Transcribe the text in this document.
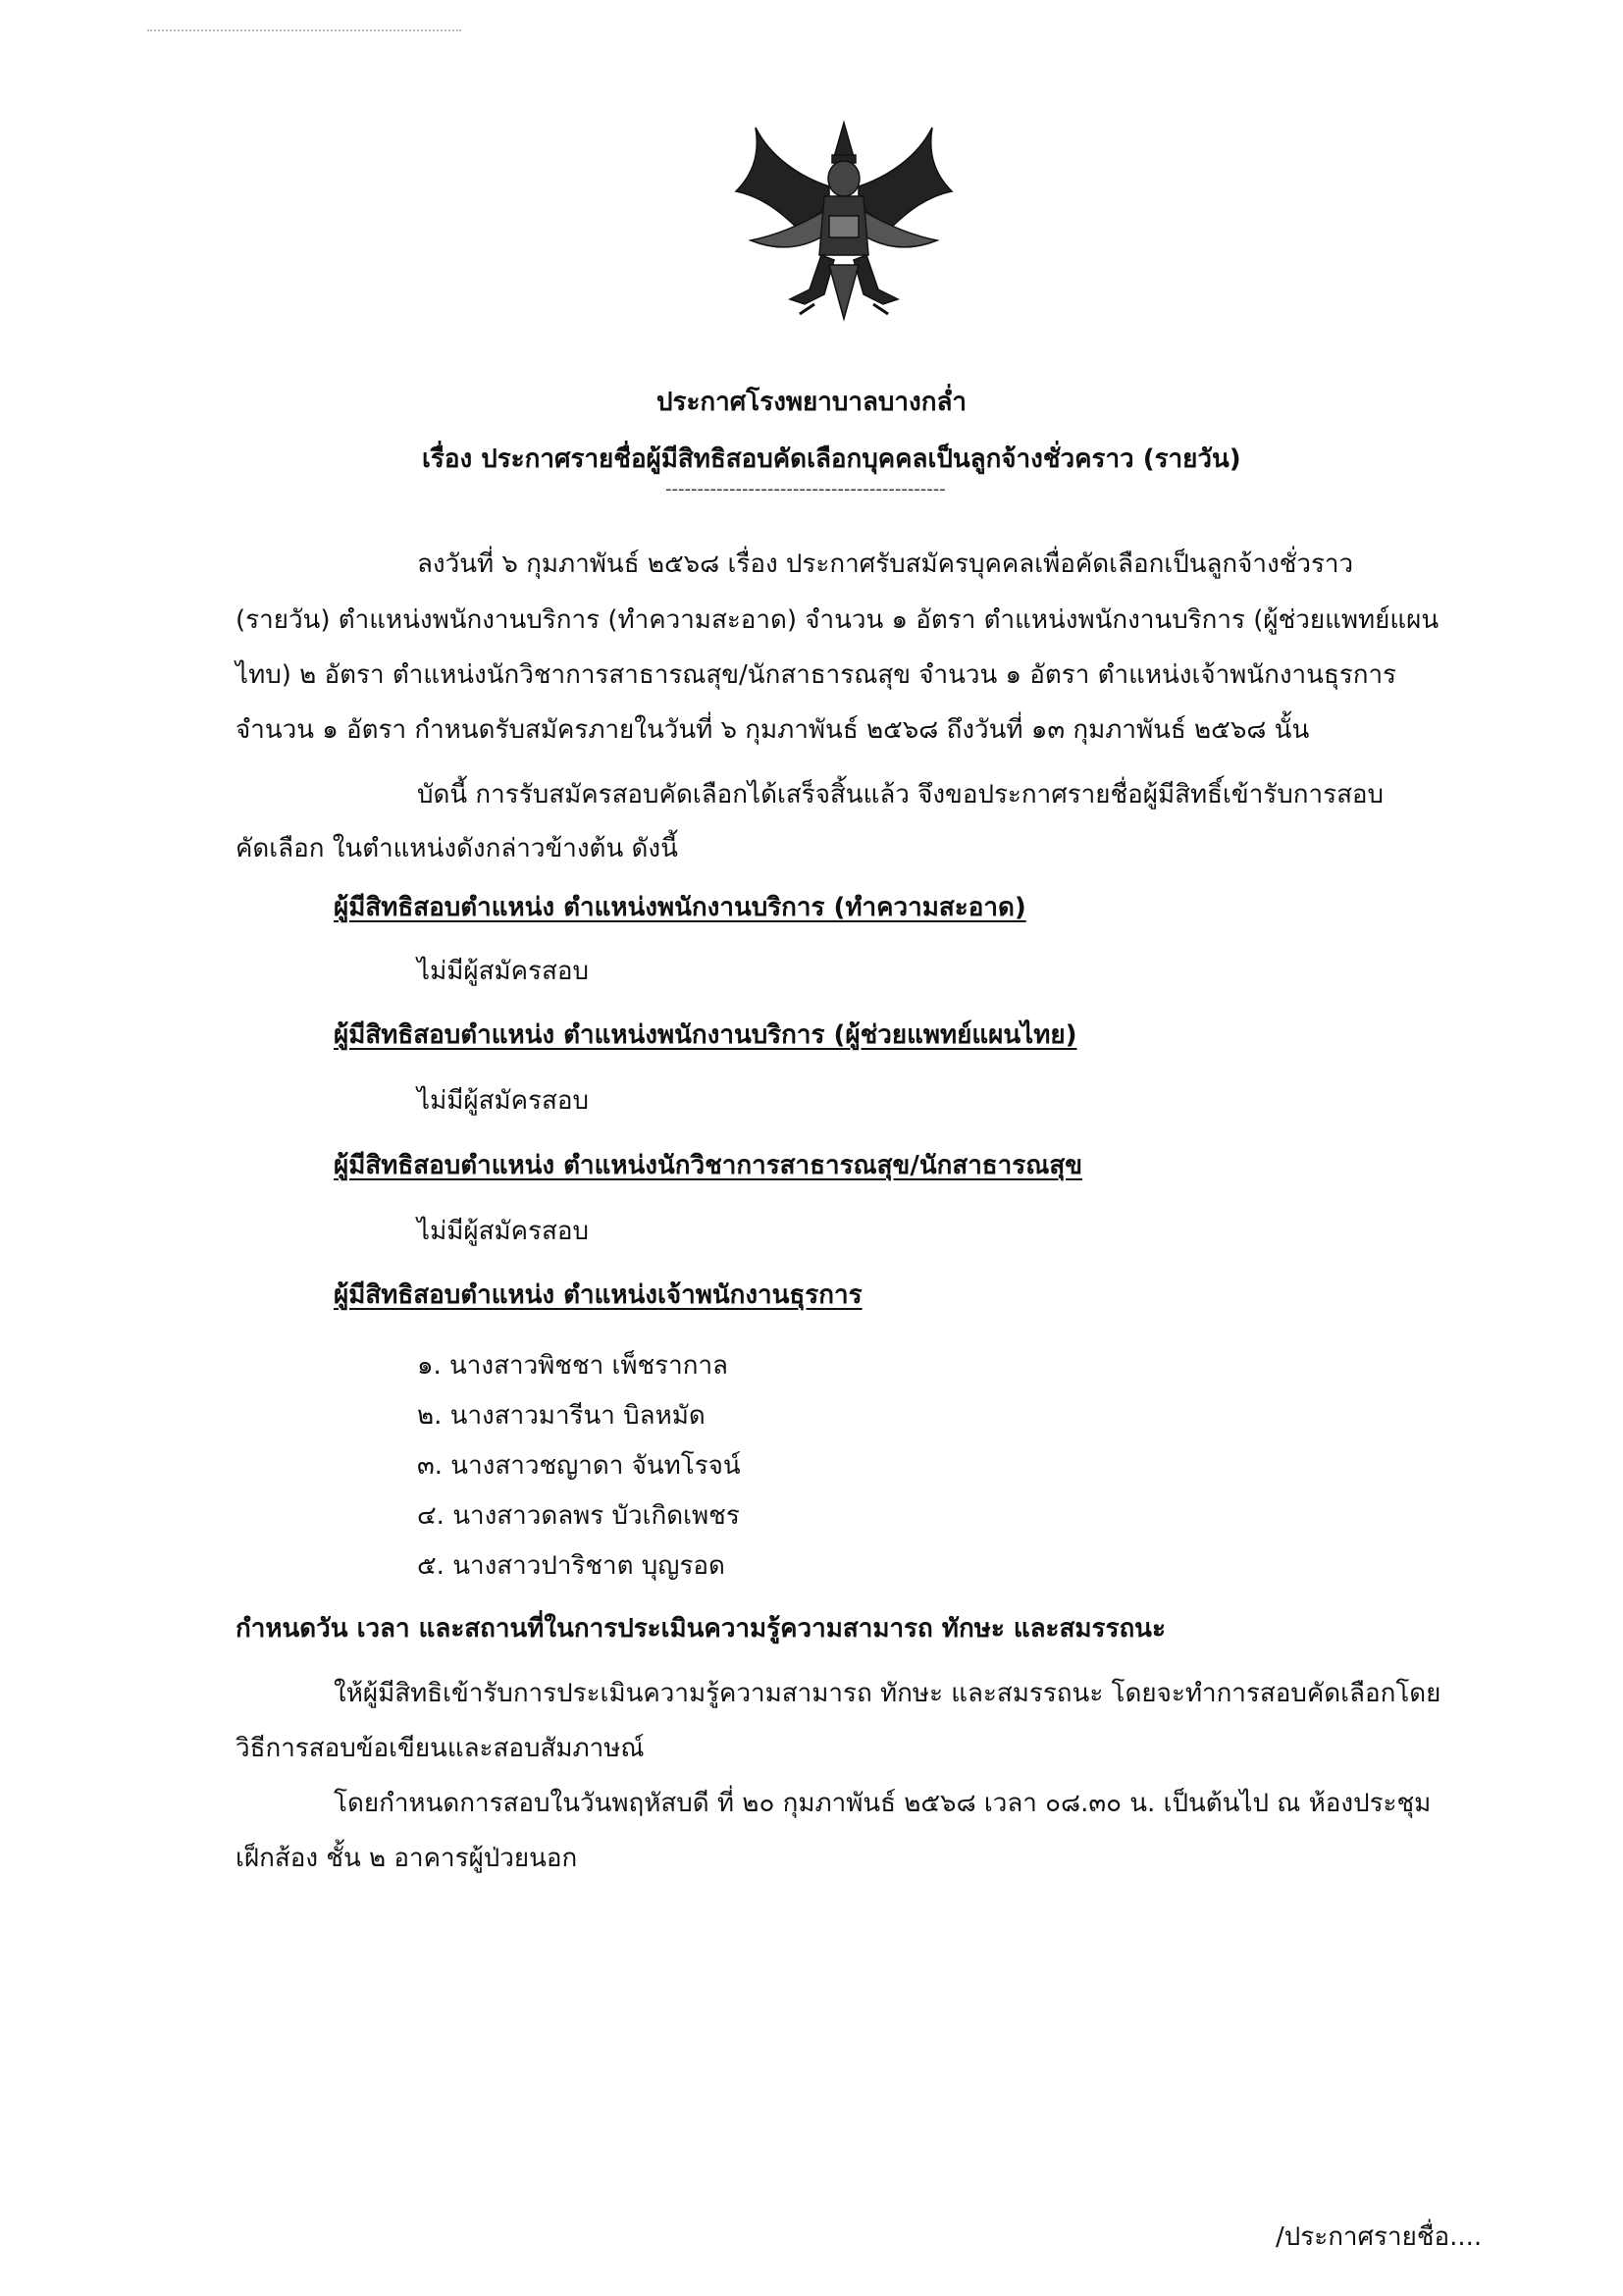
ประกาศโรงพยาบาลบางกล่ำ
เรื่อง ประกาศรายชื่อผู้มีสิทธิสอบคัดเลือกบุคคลเป็นลูกจ้างชั่วคราว (รายวัน)
--------------------------------------------
ลงวันที่ ๖ กุมภาพันธ์ ๒๕๖๘ เรื่อง ประกาศรับสมัครบุคคลเพื่อคัดเลือกเป็นลูกจ้างชั่วราว
(รายวัน) ตำแหน่งพนักงานบริการ (ทำความสะอาด) จำนวน ๑ อัตรา ตำแหน่งพนักงานบริการ (ผู้ช่วยแพทย์แผน
ไทบ) ๒ อัตรา ตำแหน่งนักวิชาการสาธารณสุข/นักสาธารณสุข จำนวน ๑ อัตรา ตำแหน่งเจ้าพนักงานธุรการ
จำนวน ๑ อัตรา กำหนดรับสมัครภายในวันที่ ๖ กุมภาพันธ์ ๒๕๖๘ ถึงวันที่ ๑๓ กุมภาพันธ์ ๒๕๖๘ นั้น
บัดนี้ การรับสมัครสอบคัดเลือกได้เสร็จสิ้นแล้ว จึงขอประกาศรายชื่อผู้มีสิทธิ์เข้ารับการสอบ
คัดเลือก ในตำแหน่งดังกล่าวข้างต้น ดังนี้
ผู้มีสิทธิสอบตำแหน่ง ตำแหน่งพนักงานบริการ (ทำความสะอาด)
ไม่มีผู้สมัครสอบ
ผู้มีสิทธิสอบตำแหน่ง ตำแหน่งพนักงานบริการ (ผู้ช่วยแพทย์แผนไทย)
ไม่มีผู้สมัครสอบ
ผู้มีสิทธิสอบตำแหน่ง ตำแหน่งนักวิชาการสาธารณสุข/นักสาธารณสุข
ไม่มีผู้สมัครสอบ
ผู้มีสิทธิสอบตำแหน่ง ตำแหน่งเจ้าพนักงานธุรการ
๑. นางสาวพิชชา เพ็ชรากาล
๒. นางสาวมารีนา บิลหมัด
๓. นางสาวชญาดา จันทโรจน์
๔. นางสาวดลพร บัวเกิดเพชร
๕. นางสาวปาริชาต บุญรอด
กำหนดวัน เวลา และสถานที่ในการประเมินความรู้ความสามารถ ทักษะ และสมรรถนะ
ให้ผู้มีสิทธิเข้ารับการประเมินความรู้ความสามารถ ทักษะ และสมรรถนะ โดยจะทำการสอบคัดเลือกโดย
วิธีการสอบข้อเขียนและสอบสัมภาษณ์
โดยกำหนดการสอบในวันพฤหัสบดี ที่ ๒๐ กุมภาพันธ์ ๒๕๖๘ เวลา ๐๘.๓๐ น. เป็นต้นไป ณ ห้องประชุม
เฝ็กส้อง ชั้น ๒ อาคารผู้ป่วยนอก
/ประกาศรายชื่อ....
